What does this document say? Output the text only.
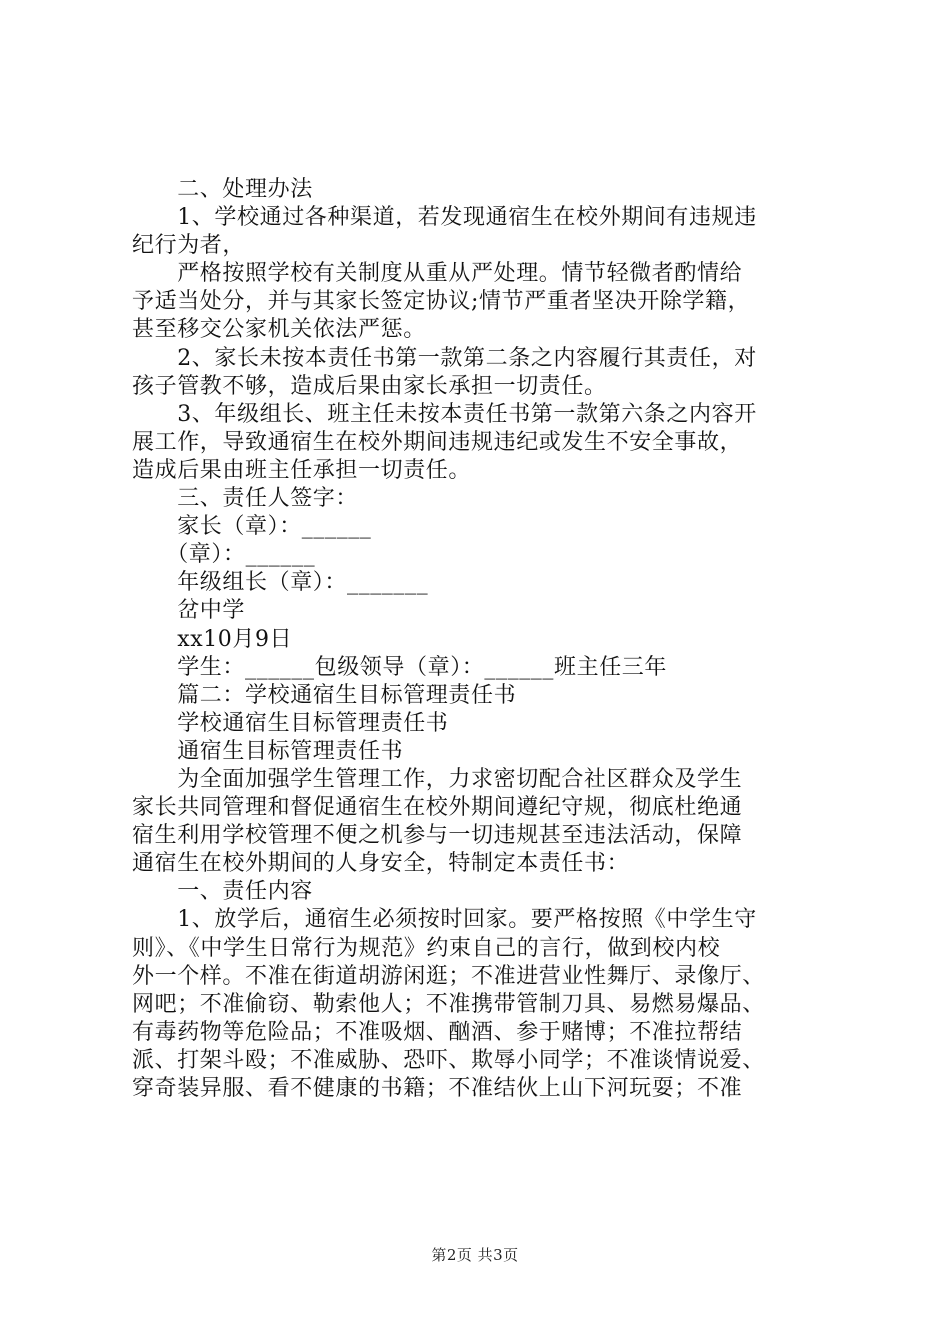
　　二、处理办法
　　1、学校通过各种渠道，若发现通宿生在校外期间有违规违
纪行为者，
　　严格按照学校有关制度从重从严处理。情节轻微者酌情给
予适当处分，并与其家长签定协议;情节严重者坚决开除学籍，
甚至移交公家机关依法严惩。
　　2、家长未按本责任书第一款第二条之内容履行其责任，对
孩子管教不够，造成后果由家长承担一切责任。
　　3、年级组长、班主任未按本责任书第一款第六条之内容开
展工作，导致通宿生在校外期间违规违纪或发生不安全事故，
造成后果由班主任承担一切责任。
　　三、责任人签字：
　　家长（章）：______
　　（章）：______
　　年级组长（章）：_______
　　岔中学
　　xx10月9日
　　学生：______包级领导（章）：______班主任三年
　　篇二：学校通宿生目标管理责任书
　　学校通宿生目标管理责任书
　　通宿生目标管理责任书
　　为全面加强学生管理工作，力求密切配合社区群众及学生
家长共同管理和督促通宿生在校外期间遵纪守规，彻底杜绝通
宿生利用学校管理不便之机参与一切违规甚至违法活动，保障
通宿生在校外期间的人身安全，特制定本责任书：
　　一、责任内容
　　1、放学后，通宿生必须按时回家。要严格按照《中学生守
则》、《中学生日常行为规范》约束自己的言行，做到校内校
外一个样。不准在街道胡游闲逛；不准进营业性舞厅、录像厅、
网吧；不准偷窃、勒索他人；不准携带管制刀具、易燃易爆品、
有毒药物等危险品；不准吸烟、酗酒、参于赌博；不准拉帮结
派、打架斗殴；不准威胁、恐吓、欺辱小同学；不准谈情说爱、
穿奇装异服、看不健康的书籍；不准结伙上山下河玩耍；不准
第2页 共3页
